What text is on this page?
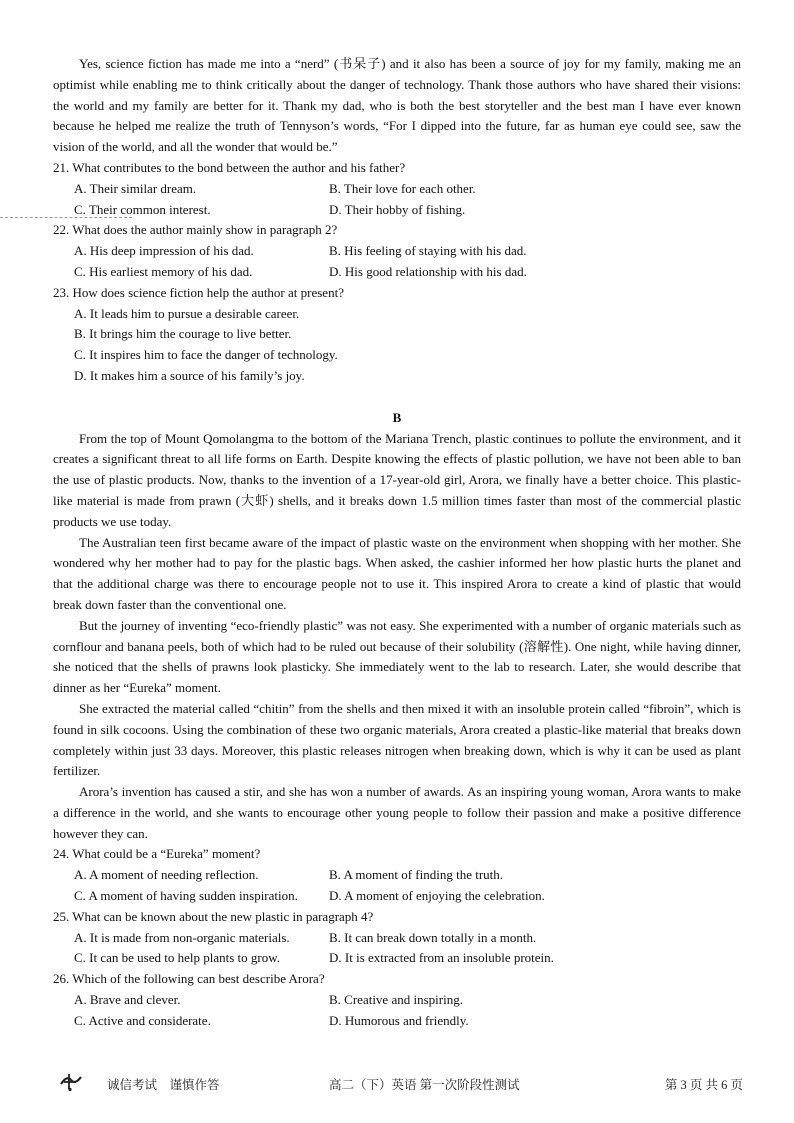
Yes, science fiction has made me into a “nerd” (书呆子) and it also has been a source of joy for my family, making me an optimist while enabling me to think critically about the danger of technology. Thank those authors who have shared their visions: the world and my family are better for it. Thank my dad, who is both the best storyteller and the best man I have ever known because he helped me realize the truth of Tennyson’s words, “For I dipped into the future, far as human eye could see, saw the vision of the world, and all the wonder that would be.”

21. What contributes to the bond between the author and his father?

A. Their similar dream.	B. Their love for each other.
C. Their common interest.	D. Their hobby of fishing.

22. What does the author mainly show in paragraph 2?

A. His deep impression of his dad.	B. His feeling of staying with his dad.
C. His earliest memory of his dad.	D. His good relationship with his dad.

23. How does science fiction help the author at present?

A. It leads him to pursue a desirable career.
B. It brings him the courage to live better.
C. It inspires him to face the danger of technology.
D. It makes him a source of his family’s joy.

B

From the top of Mount Qomolangma to the bottom of the Mariana Trench, plastic continues to pollute the environment, and it creates a significant threat to all life forms on Earth. Despite knowing the effects of plastic pollution, we have not been able to ban the use of plastic products. Now, thanks to the invention of a 17-year-old girl, Arora, we finally have a better choice. This plastic-like material is made from prawn (大虾) shells, and it breaks down 1.5 million times faster than most of the commercial plastic products we use today.

The Australian teen first became aware of the impact of plastic waste on the environment when shopping with her mother. She wondered why her mother had to pay for the plastic bags. When asked, the cashier informed her how plastic hurts the planet and that the additional charge was there to encourage people not to use it. This inspired Arora to create a kind of plastic that would break down faster than the conventional one.

But the journey of inventing “eco-friendly plastic” was not easy. She experimented with a number of organic materials such as cornflour and banana peels, both of which had to be ruled out because of their solubility (溶解性). One night, while having dinner, she noticed that the shells of prawns look plasticky. She immediately went to the lab to research. Later, she would describe that dinner as her “Eureka” moment.

She extracted the material called “chitin” from the shells and then mixed it with an insoluble protein called “fibroin”, which is found in silk cocoons. Using the combination of these two organic materials, Arora created a plastic-like material that breaks down completely within just 33 days. Moreover, this plastic releases nitrogen when breaking down, which is why it can be used as plant fertilizer.

Arora’s invention has caused a stir, and she has won a number of awards. As an inspiring young woman, Arora wants to make a difference in the world, and she wants to encourage other young people to follow their passion and make a positive difference however they can.

24. What could be a “Eureka” moment?

A. A moment of needing reflection.	B. A moment of finding the truth.
C. A moment of having sudden inspiration.	D. A moment of enjoying the celebration.

25. What can be known about the new plastic in paragraph 4?

A. It is made from non-organic materials.	B. It can break down totally in a month.
C. It can be used to help plants to grow.	D. It is extracted from an insoluble protein.

26. Which of the following can best describe Arora?

A. Brave and clever.	B. Creative and inspiring.
C. Active and considerate.	D. Humorous and friendly.
诚信考试　谨慎作答	高二（下）英语 第一次阶段性测试	第 3 页 共 6 页
